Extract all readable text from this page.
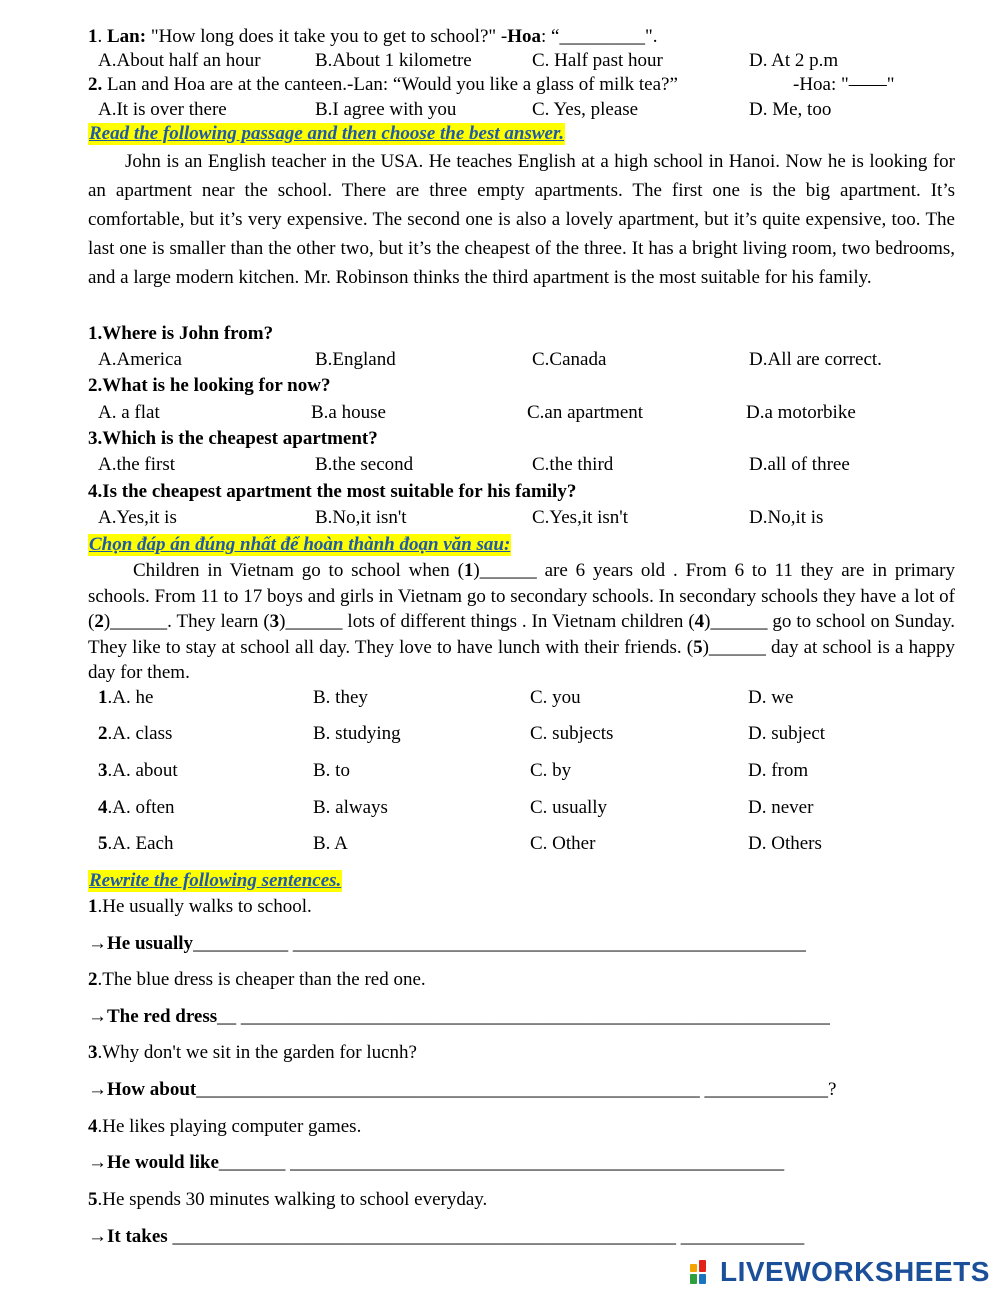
1. Lan: "How long does it take you to get to school?" -Hoa: “_________".
A.About half an hour	B.About 1 kilometre	C. Half past hour	D. At 2 p.m
2. Lan and Hoa are at the canteen.-Lan: “Would you like a glass of milk tea?”	-Hoa: "——"
A.It is over there	B.I agree with you	C. Yes, please	D. Me, too
Read the following passage and then choose the best answer.
John is an English teacher in the USA. He teaches English at a high school in Hanoi. Now he is looking for an apartment near the school. There are three empty apartments. The first one is the big apartment. It’s comfortable, but it’s very expensive. The second one is also a lovely apartment, but it’s quite expensive, too. The last one is smaller than the other two, but it’s the cheapest of the three. It has a bright living room, two bedrooms, and a large modern kitchen. Mr. Robinson thinks the third apartment is the most suitable for his family.
1.Where is John from?
A.America	B.England	C.Canada	D.All are correct.
2.What is he looking for now?
A. a flat	B.a house	C.an apartment	D.a motorbike
3.Which is the cheapest apartment?
A.the first	B.the second	C.the third	D.all of three
4.Is the cheapest apartment the most suitable for his family?
A.Yes,it is	B.No,it isn't	C.Yes,it isn't	D.No,it is
Chọn đáp án đúng nhất để hoàn thành đoạn văn sau:
Children in Vietnam go to school when (1)______ are 6 years old . From 6 to 11 they are in primary schools. From 11 to 17 boys and girls in Vietnam go to secondary schools. In secondary schools they have a lot of (2)______. They learn (3)______ lots of different things . In Vietnam children (4)______ go to school on Sunday. They like to stay at school all day. They love to have lunch with their friends. (5)______ day at school is a happy day for them.
1 .A. he	B. they	C. you	D. we
2 .A. class	B. studying	C. subjects	D. subject
3 .A. about	B. to	C. by	D. from
4 .A. often	B. always	C. usually	D. never
5 .A. Each	B. A	C. Other	D. Others
Rewrite the following sentences.
1.He usually walks to school.
→He usually__________ ______________________________________________________
2.The blue dress is cheaper than the red one.
→The red dress__ ______________________________________________________________
3.Why don't we sit in the garden for lucnh?
→How about_____________________________________________________ _____________?
4.He likes playing computer games.
→He would like_______ ____________________________________________________
5.He spends 30 minutes walking to school everyday.
→It takes _____________________________________________________ _____________
LIVEWORKSHEETS
